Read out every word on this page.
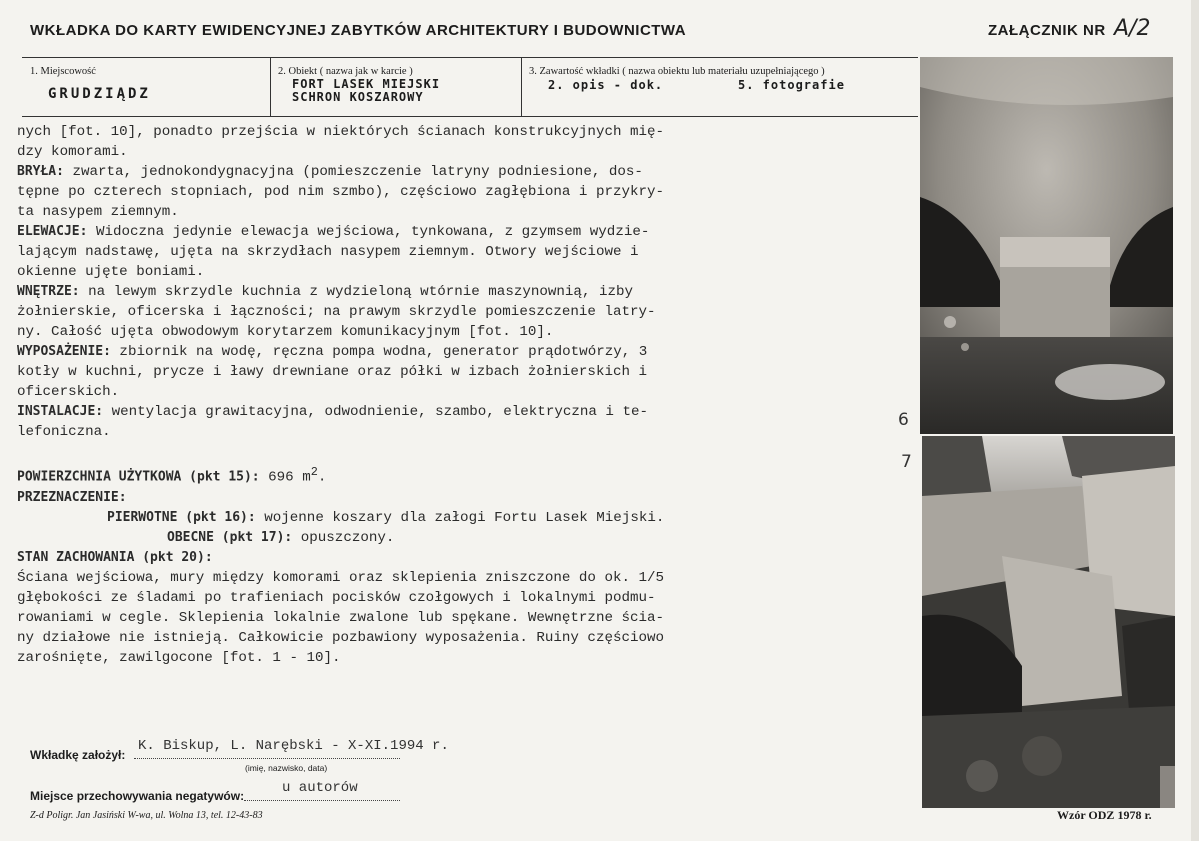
WKŁADKA DO KARTY EWIDENCYJNEJ ZABYTKÓW ARCHITEKTURY I BUDOWNICTWA	ZAŁĄCZNIK NR A/2
1. Miejscowość
GRUDZIĄDZ
2. Obiekt ( nazwa jak w karcie )
FORT LASEK MIEJSKI
SCHRON KOSZAROWY
3. Zawartość wkładki ( nazwa obiektu lub materiału uzupełniającego )
2. opis - dok.	5. fotografie

nych [fot. 10], ponadto przejścia w niektórych ścianach konstrukcyjnych mię-

dzy komorami.

BRYŁA: zwarta, jednokondygnacyjna (pomieszczenie latryny podniesione, dos-

tępne po czterech stopniach, pod nim szmbo), częściowo zagłębiona i przykry-

ta nasypem ziemnym.

ELEWACJE: Widoczna jedynie elewacja wejściowa, tynkowana, z gzymsem wydzie-

lającym nadstawę, ujęta na skrzydłach nasypem ziemnym. Otwory wejściowe i

okienne ujęte boniami.

WNĘTRZE: na lewym skrzydle kuchnia z wydzieloną wtórnie maszynownią, izby

żołnierskie, oficerska i łączności; na prawym skrzydle pomieszczenie latry-

ny. Całość ujęta obwodowym korytarzem komunikacyjnym [fot. 10].

WYPOSAŻENIE: zbiornik na wodę, ręczna pompa wodna, generator prądotwórzy, 3

kotły w kuchni, prycze i ławy drewniane oraz półki w izbach żołnierskich i

oficerskich.

INSTALACJE: wentylacja grawitacyjna, odwodnienie, szambo, elektryczna i te-

lefoniczna.

POWIERZCHNIA UŻYTKOWA (pkt 15): 696 $m^2$.

PRZEZNACZENIE:

PIERWOTNE (pkt 16): wojenne koszary dla załogi Fortu Lasek Miejski.

OBECNE (pkt 17): opuszczony.

STAN ZACHOWANIA (pkt 20):

Ściana wejściowa, mury między komorami oraz sklepienia zniszczone do ok. 1/5

głębokości ze śladami po trafieniach pocisków czołgowych i lokalnymi podmu-

rowaniami w cegle. Sklepienia lokalnie zwalone lub spękane. Wewnętrzne ścia-

ny działowe nie istnieją. Całkowicie pozbawiony wyposażenia. Ruiny częściowo

zarośnięte, zawilgocone [fot. 1 - 10].

Wkładkę założył:
K. Biskup, L. Narębski - X-XI.1994 r.
(imię, nazwisko, data)
Miejsce przechowywania negatywów:	u autorów
Z-d Poligr. Jan Jasiński W-wa, ul. Wolna 13, tel. 12-43-83	Wzór ODZ 1978 r.
6
7
